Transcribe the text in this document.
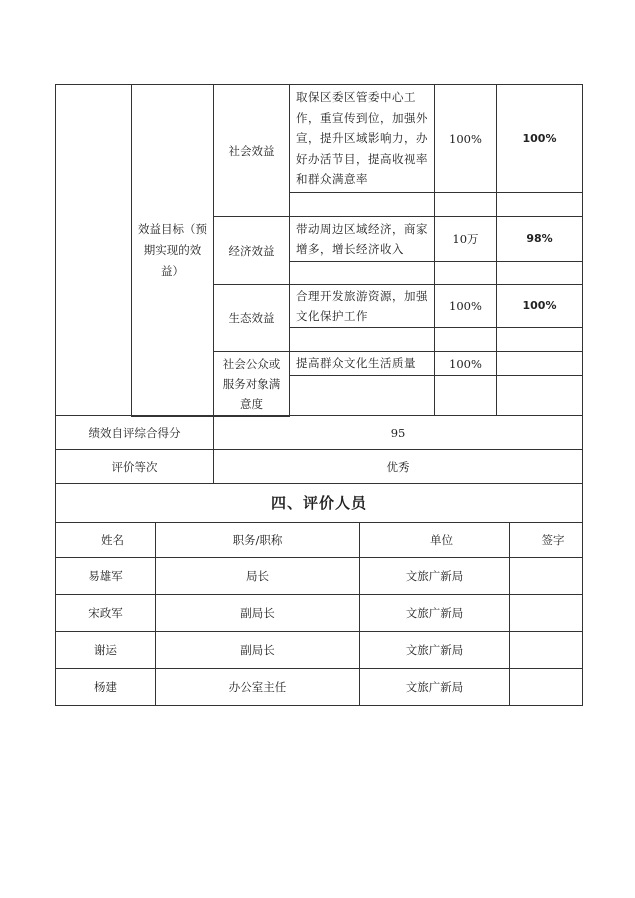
	效益目标（预期实现的效益）	社会效益	取保区委区管委中心工作，重宣传到位，加强外宣，提升区域影响力，办好办活节目，提高收视率和群众满意率	100%	100%

		经济效益	带动周边区域经济，商家增多，增长经济收入	10万	98%

		生态效益	合理开发旅游资源，加强文化保护工作	100%	100%

		社会公众或服务对象满意度	提高群众文化生活质量	100%	

绩效自评综合得分		95		
评价等次		优秀		
四、评价人员				
姓名	职务/职称		单位	签字
易雄军	局长		文旅广新局	
宋政军	副局长		文旅广新局	
谢运	副局长		文旅广新局	
杨建	办公室主任		文旅广新局	
